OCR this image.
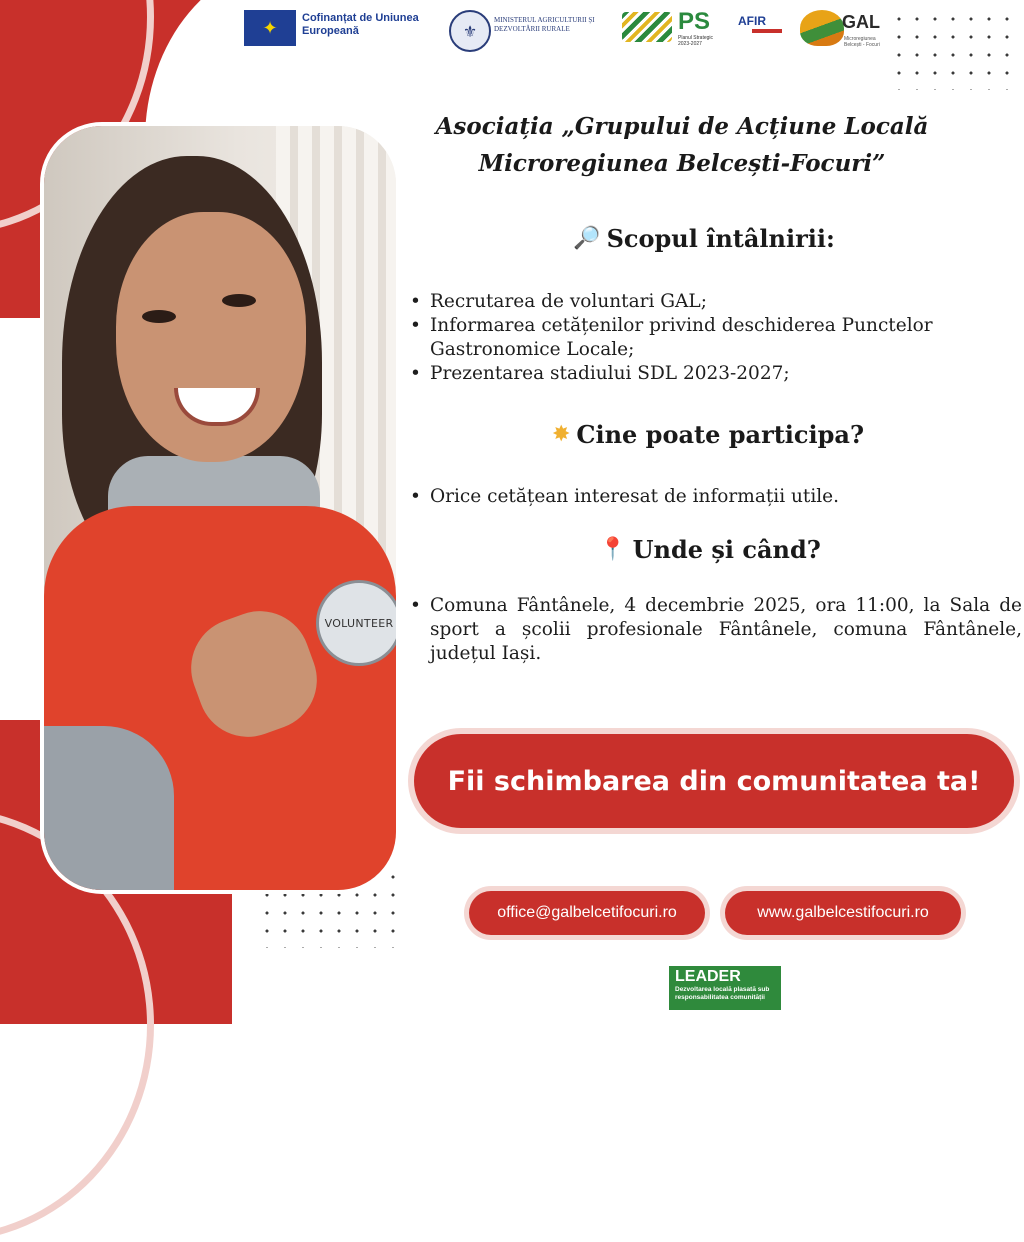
✦ Cofinanțat de Uniunea Europeană	⚜
MINISTERUL AGRICULTURII ȘI DEZVOLTĂRII RURALE	PS
Planul Strategic 2023-2027
AFIR	GAL
Microregiunea Belcești - Focuri
VOLUNTEER
Asociația „Grupului de Acțiune Locală Microregiunea Belcești-Focuri”
🔎 Scopul întâlnirii:
• Recrutarea de voluntari GAL;
• Informarea cetățenilor privind deschiderea Punctelor Gastronomice Locale;
• Prezentarea stadiului SDL 2023-2027;
✸ Cine poate participa?
• Orice cetățean interesat de informații utile.
📍 Unde și când?
• Comuna Fântânele, 4 decembrie 2025, ora 11:00, la Sala de sport a școlii profesionale Fântânele, comuna Fântânele, județul Iași.
Fii schimbarea din comunitatea ta!
office@galbelcetifocuri.ro	www.galbelcestifocuri.ro
LEADER
Dezvoltarea locală plasată sub responsabilitatea comunității
